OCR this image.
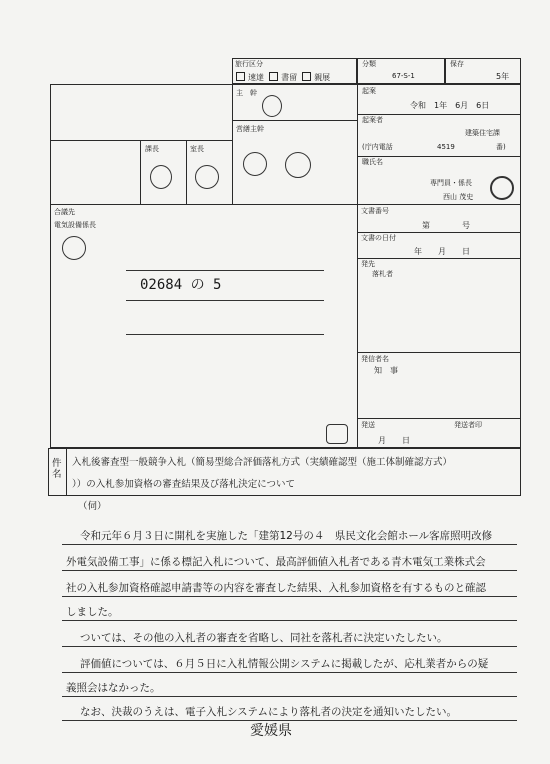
旅行区分
速達 書留 親展
分類
67-S-1
保存
5年
起案
令和　1年　6月　6日
起案者
建築住宅課
(庁内電話	4519	番)
職氏名
専門員・係長
西山 茂史
主　幹
営繕主幹
課長	室長
合議先
電気設備係長
02684 の 5
文書番号
第　　　　号
文書の日付
年　　月　　日
発先
落札者
発信者名
知　事
発送	発送者印
月　　日
件名
入札後審査型一般競争入札（簡易型総合評価落札方式（実績確認型（施工体制確認方式）
））の入札参加資格の審査結果及び落札決定について
（伺）
令和元年６月３日に開札を実施した「建第12号の４　県民文化会館ホール客席照明改修
外電気設備工事」に係る標記入札について、最高評価値入札者である青木電気工業株式会
社の入札参加資格確認申請書等の内容を審査した結果、入札参加資格を有するものと確認
しました。
ついては、その他の入札者の審査を省略し、同社を落札者に決定いたしたい。
評価値については、６月５日に入札情報公開システムに掲載したが、応札業者からの疑
義照会はなかった。
なお、決裁のうえは、電子入札システムにより落札者の決定を通知いたしたい。
愛媛県
